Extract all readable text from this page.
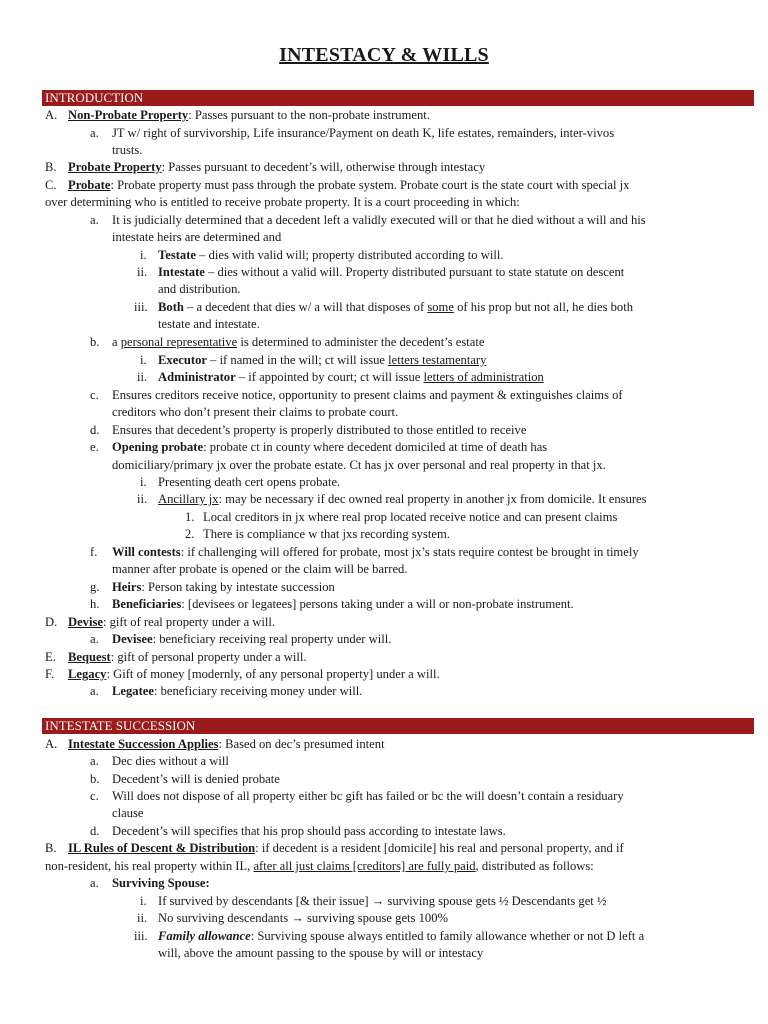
INTESTACY & WILLS
INTRODUCTION
INTESTATE SUCCESSION
A. Non-Probate Property: Passes pursuant to the non-probate instrument.
a. JT w/ right of survivorship, Life insurance/Payment on death K, life estates, remainders, inter-vivos
trusts.
B. Probate Property: Passes pursuant to decedent’s will, otherwise through intestacy
C. Probate: Probate property must pass through the probate system. Probate court is the state court with special jx
over determining who is entitled to receive probate property. It is a court proceeding in which:
a. It is judicially determined that a decedent left a validly executed will or that he died without a will and his
intestate heirs are determined and
i. Testate – dies with valid will; property distributed according to will.
ii. Intestate – dies without a valid will. Property distributed pursuant to state statute on descent
and distribution.
iii. Both – a decedent that dies w/ a will that disposes of some of his prop but not all, he dies both
testate and intestate.
b. a personal representative is determined to administer the decedent’s estate
i. Executor – if named in the will; ct will issue letters testamentary
ii. Administrator – if appointed by court; ct will issue letters of administration
c. Ensures creditors receive notice, opportunity to present claims and payment & extinguishes claims of
creditors who don’t present their claims to probate court.
d. Ensures that decedent’s property is properly distributed to those entitled to receive
e. Opening probate: probate ct in county where decedent domiciled at time of death has
domiciliary/primary jx over the probate estate. Ct has jx over personal and real property in that jx.
i. Presenting death cert opens probate.
ii. Ancillary jx: may be necessary if dec owned real property in another jx from domicile. It ensures
1. Local creditors in jx where real prop located receive notice and can present claims
2. There is compliance w that jxs recording system.
f. Will contests: if challenging will offered for probate, most jx’s stats require contest be brought in timely
manner after probate is opened or the claim will be barred.
g. Heirs: Person taking by intestate succession
h. Beneficiaries: [devisees or legatees] persons taking under a will or non-probate instrument.
D. Devise: gift of real property under a will.
a. Devisee: beneficiary receiving real property under will.
E. Bequest: gift of personal property under a will.
F. Legacy: Gift of money [modernly, of any personal property] under a will.
a. Legatee: beneficiary receiving money under will.
A. Intestate Succession Applies: Based on dec’s presumed intent
a. Dec dies without a will
b. Decedent’s will is denied probate
c. Will does not dispose of all property either bc gift has failed or bc the will doesn’t contain a residuary
clause
d. Decedent’s will specifies that his prop should pass according to intestate laws.
B. IL Rules of Descent & Distribution: if decedent is a resident [domicile] his real and personal property, and if
non-resident, his real property within IL, after all just claims [creditors] are fully paid, distributed as follows:
a. Surviving Spouse:
i. If survived by descendants [& their issue] → surviving spouse gets ½ Descendants get ½
ii. No surviving descendants → surviving spouse gets 100%
iii. Family allowance: Surviving spouse always entitled to family allowance whether or not D left a
will, above the amount passing to the spouse by will or intestacy
